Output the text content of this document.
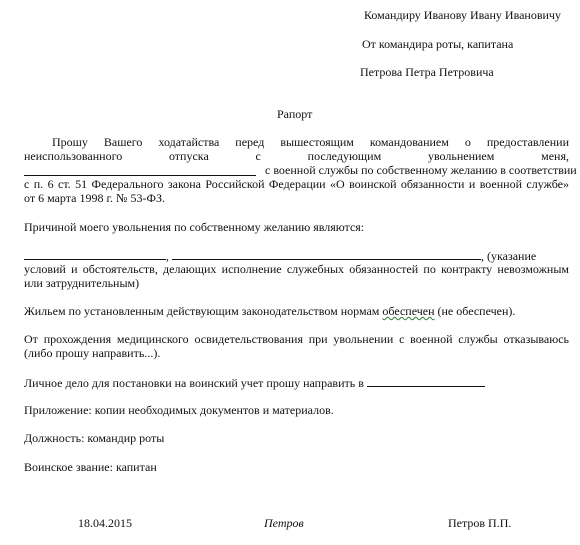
Командиру Иванову Ивану Ивановичу
От командира роты, капитана
Петрова Петра Петровича
Рапорт
Прошу Вашего ходатайства перед вышестоящим командованием о предоставлении
неиспользованного	отпуска	с	последующим	увольнением	меня,
с военной службы по собственному желанию в соответствии
с п. 6 ст. 51 Федерального закона Российской Федерации «О воинской обязанности и военной службе»
от 6 марта 1998 г. № 53-ФЗ.
Причиной моего увольнения по собственному желанию являются:
,	, (указание
условий и обстоятельств, делающих исполнение служебных обязанностей по контракту невозможным
или затруднительным)
Жильем по установленным действующим законодательством нормам обеспечен (не обеспечен).
От прохождения медицинского освидетельствования при увольнении с военной службы отказываюсь
(либо прошу направить...).
Личное дело для постановки на воинский учет прошу направить в
Приложение: копии необходимых документов и материалов.
Должность: командир роты
Воинское звание: капитан
18.04.2015	Петров	Петров П.П.
